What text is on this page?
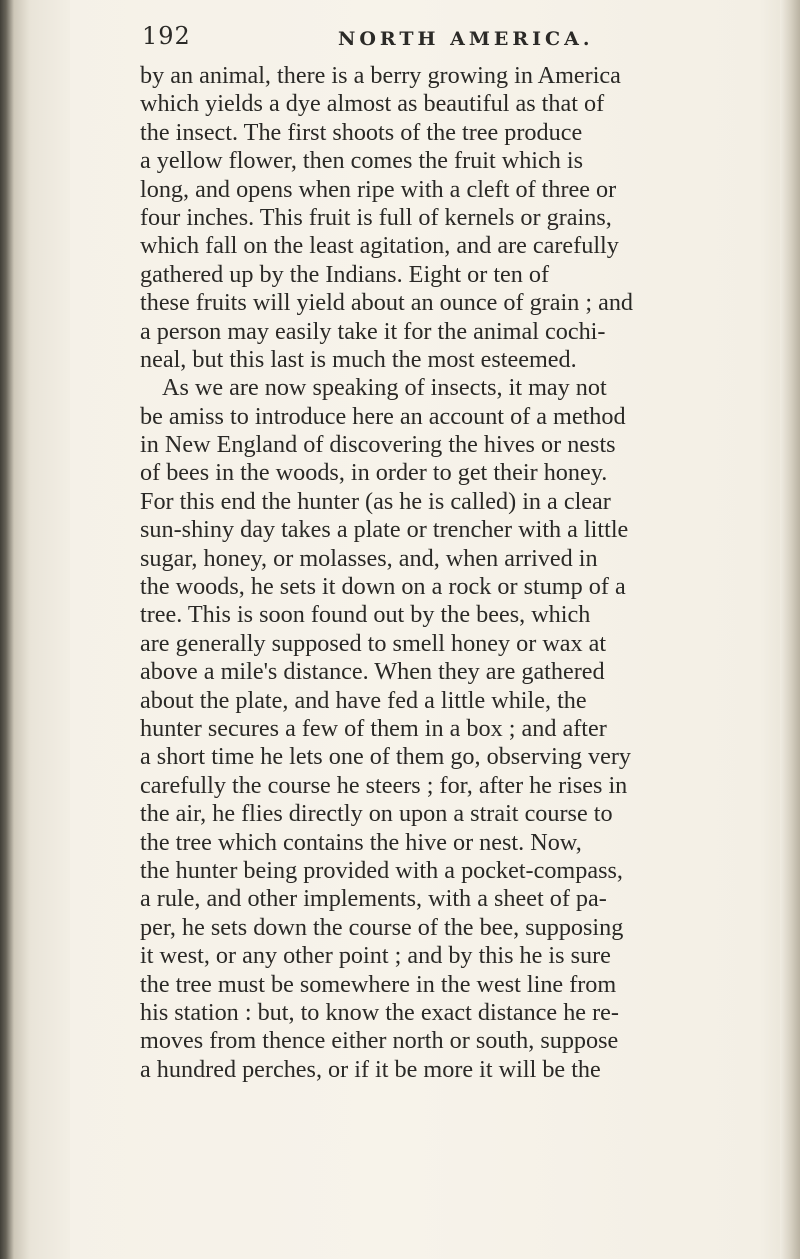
192	NORTH AMERICA.
by an animal, there is a berry growing in America
which yields a dye almost as beautiful as that of
the insect. The first shoots of the tree produce
a yellow flower, then comes the fruit which is
long, and opens when ripe with a cleft of three or
four inches. This fruit is full of kernels or grains,
which fall on the least agitation, and are carefully
gathered up by the Indians. Eight or ten of
these fruits will yield about an ounce of grain ; and
a person may easily take it for the animal cochi-
neal, but this last is much the most esteemed.
As we are now speaking of insects, it may not
be amiss to introduce here an account of a method
in New England of discovering the hives or nests
of bees in the woods, in order to get their honey.
For this end the hunter (as he is called) in a clear
sun-shiny day takes a plate or trencher with a little
sugar, honey, or molasses, and, when arrived in
the woods, he sets it down on a rock or stump of a
tree. This is soon found out by the bees, which
are generally supposed to smell honey or wax at
above a mile's distance. When they are gathered
about the plate, and have fed a little while, the
hunter secures a few of them in a box ; and after
a short time he lets one of them go, observing very
carefully the course he steers ; for, after he rises in
the air, he flies directly on upon a strait course to
the tree which contains the hive or nest. Now,
the hunter being provided with a pocket-compass,
a rule, and other implements, with a sheet of pa-
per, he sets down the course of the bee, supposing
it west, or any other point ; and by this he is sure
the tree must be somewhere in the west line from
his station : but, to know the exact distance he re-
moves from thence either north or south, suppose
a hundred perches, or if it be more it will be the
